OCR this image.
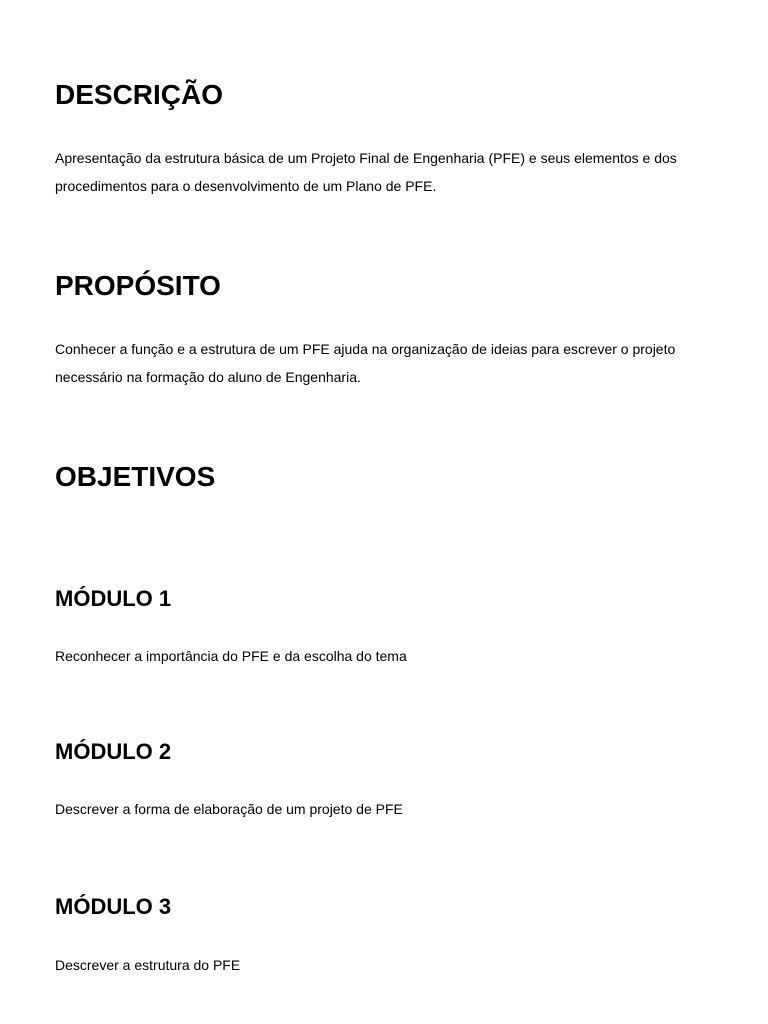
DESCRIÇÃO

Apresentação da estrutura básica de um Projeto Final de Engenharia (PFE) e seus elementos e dos procedimentos para o desenvolvimento de um Plano de PFE.

PROPÓSITO

Conhecer a função e a estrutura de um PFE ajuda na organização de ideias para escrever o projeto necessário na formação do aluno de Engenharia.

OBJETIVOS
MÓDULO 1

Reconhecer a importância do PFE e da escolha do tema

MÓDULO 2

Descrever a forma de elaboração de um projeto de PFE

MÓDULO 3

Descrever a estrutura do PFE
